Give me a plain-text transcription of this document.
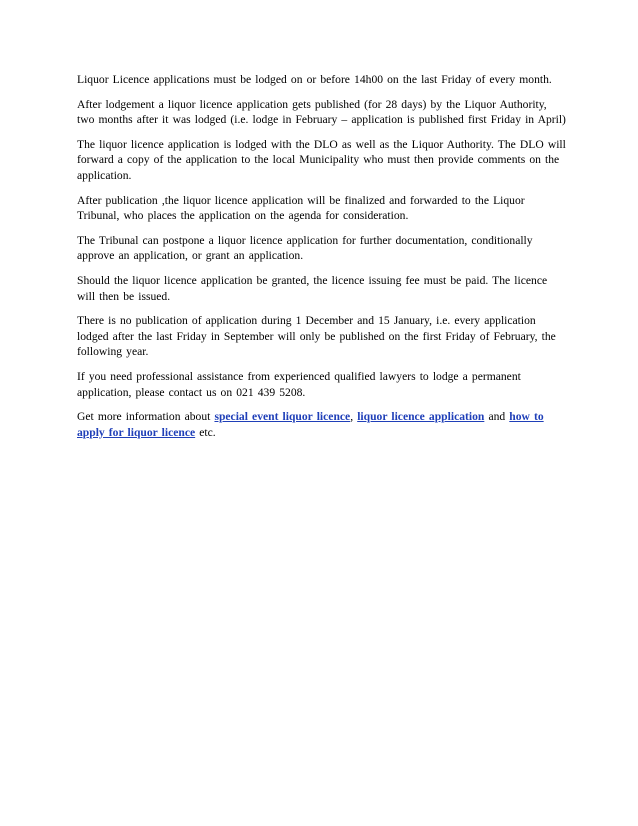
Liquor Licence applications must be lodged on or before 14h00 on the last Friday of every month.

After lodgement a liquor licence application gets published (for 28 days) by the Liquor Authority, two months after it was lodged (i.e. lodge in February – application is published first Friday in April)

The liquor licence application is lodged with the DLO as well as the Liquor Authority. The DLO will forward a copy of the application to the local Municipality who must then provide comments on the application.

After publication ,the liquor licence application will be finalized and forwarded to the Liquor Tribunal, who places the application on the agenda for consideration.

The Tribunal can postpone a liquor licence application for further documentation, conditionally approve an application, or grant an application.

Should the liquor licence application be granted, the licence issuing fee must be paid. The licence will then be issued.

There is no publication of application during 1 December and 15 January, i.e. every application lodged after the last Friday in September will only be published on the first Friday of February, the following year.

If you need professional assistance from experienced qualified lawyers to lodge a permanent application, please contact us on 021 439 5208.

Get more information about special event liquor licence, liquor licence application and how to apply for liquor licence etc.
